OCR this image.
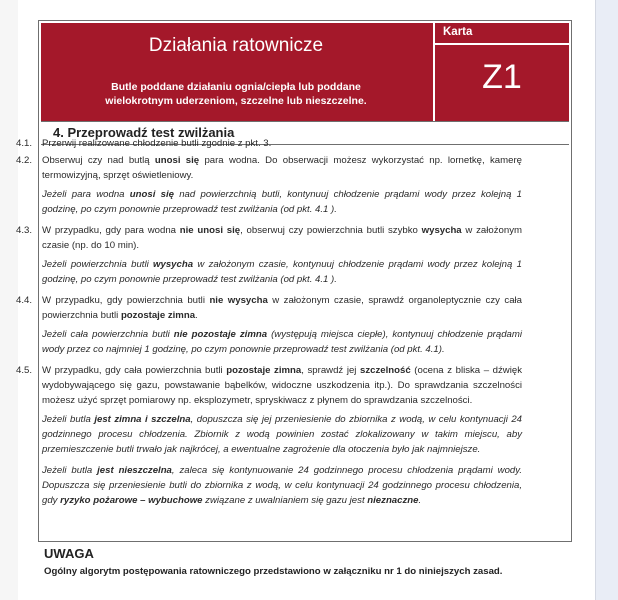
Działania ratownicze
Butle poddane działaniu ognia/ciepła lub poddane
wielokrotnym uderzeniom, szczelne lub nieszczelne.
Karta
Z1
4. Przeprowadź test zwilżania
4.1. Przerwij realizowane chłodzenie butli zgodnie z pkt. 3.
4.2. Obserwuj czy nad butlą unosi się para wodna. Do obserwacji możesz wykorzystać np. lornetkę, kamerę termowizyjną, sprzęt oświetleniowy.
Jeżeli para wodna unosi się nad powierzchnią butli, kontynuuj chłodzenie prądami wody przez kolejną 1 godzinę, po czym ponownie przeprowadź test zwilżania (od pkt. 4.1 ).
4.3. W przypadku, gdy para wodna nie unosi się, obserwuj czy powierzchnia butli szybko wysycha w założonym czasie (np. do 10 min).
Jeżeli powierzchnia butli wysycha w założonym czasie, kontynuuj chłodzenie prądami wody przez kolejną 1 godzinę, po czym ponownie przeprowadź test zwilżania (od pkt. 4.1 ).
4.4. W przypadku, gdy powierzchnia butli nie wysycha w założonym czasie, sprawdź organoleptycznie czy cała powierzchnia butli pozostaje zimna.
Jeżeli cała powierzchnia butli nie pozostaje zimna (występują miejsca ciepłe), kontynuuj chłodzenie prądami wody przez co najmniej 1 godzinę, po czym ponownie przeprowadź test zwilżania (od pkt. 4.1).
4.5. W przypadku, gdy cała powierzchnia butli pozostaje zimna, sprawdź jej szczelność (ocena z bliska – dźwięk wydobywającego się gazu, powstawanie bąbelków, widoczne uszkodzenia itp.). Do sprawdzania szczelności możesz użyć sprzęt pomiarowy np. eksplozymetr, spryskiwacz z płynem do sprawdzania szczelności.
Jeżeli butla jest zimna i szczelna, dopuszcza się jej przeniesienie do zbiornika z wodą, w celu kontynuacji 24 godzinnego procesu chłodzenia. Zbiornik z wodą powinien zostać zlokalizowany w takim miejscu, aby przemieszczenie butli trwało jak najkrócej, a ewentualne zagrożenie dla otoczenia było jak najmniejsze.
Jeżeli butla jest nieszczelna, zaleca się kontynuowanie 24 godzinnego procesu chłodzenia prądami wody. Dopuszcza się przeniesienie butli do zbiornika z wodą, w celu kontynuacji 24 godzinnego procesu chłodzenia, gdy ryzyko pożarowe – wybuchowe związane z uwalnianiem się gazu jest nieznaczne.
UWAGA
Ogólny algorytm postępowania ratowniczego przedstawiono w załączniku nr 1 do niniejszych zasad.
